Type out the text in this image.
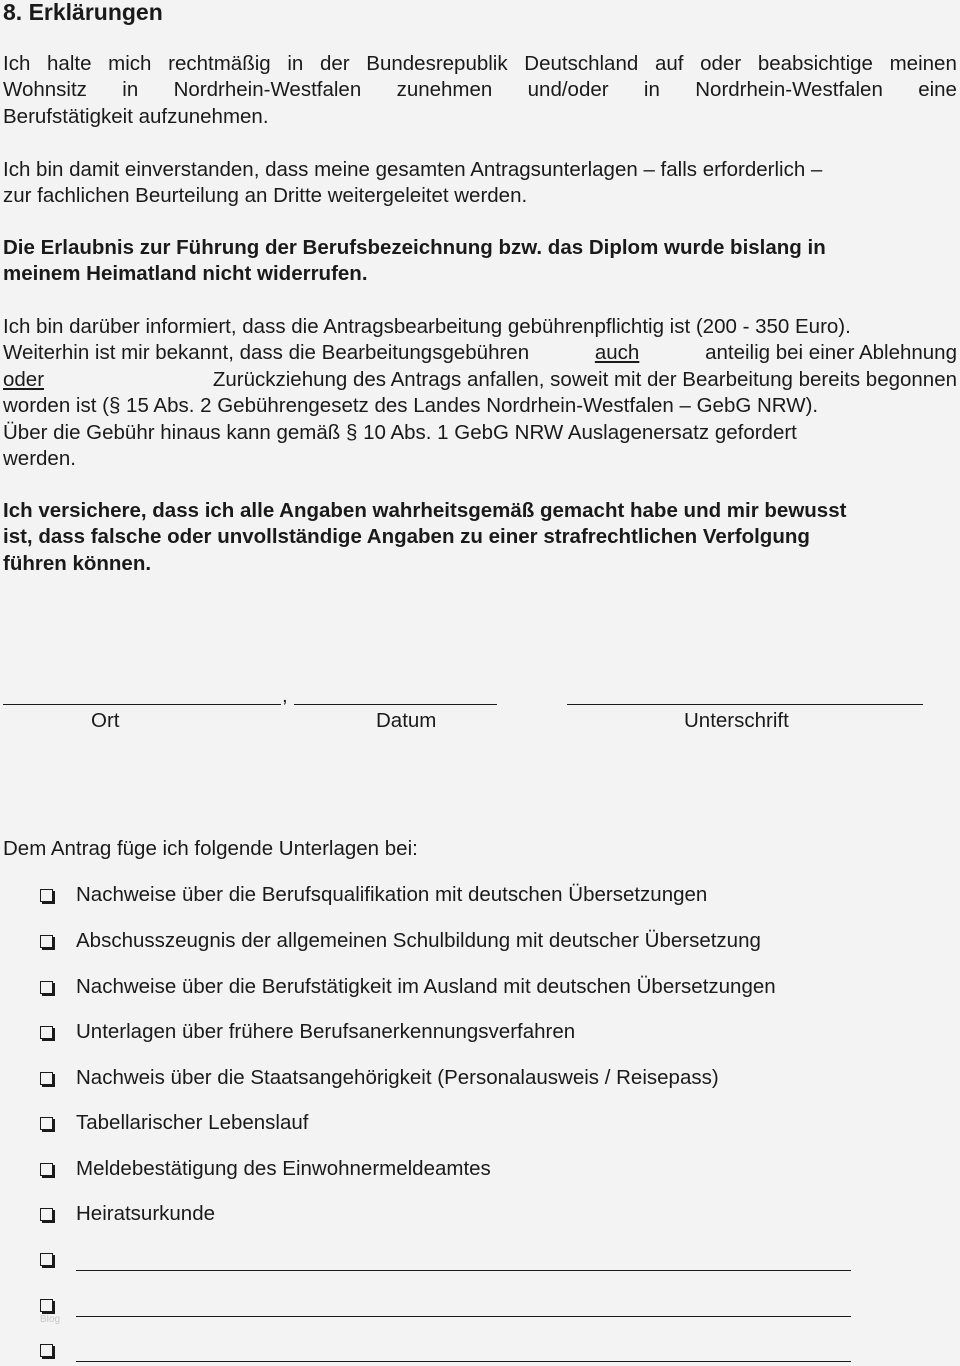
8. Erklärungen
Ich halte mich rechtmäßig in der Bundesrepublik Deutschland auf oder beabsichtige meinen
Wohnsitz in Nordrhein-Westfalen zunehmen und/oder in Nordrhein-Westfalen eine
Berufstätigkeit aufzunehmen.
Ich bin damit einverstanden, dass meine gesamten Antragsunterlagen – falls erforderlich –
zur fachlichen Beurteilung an Dritte weitergeleitet werden.
Die Erlaubnis zur Führung der Berufsbezeichnung bzw. das Diplom wurde bislang in
meinem Heimatland nicht widerrufen.
Ich bin darüber informiert, dass die Antragsbearbeitung gebührenpflichtig ist (200 - 350 Euro).
Weiterhin ist mir bekannt, dass die Bearbeitungsgebühren	auch	anteilig bei einer Ablehnung
oder	Zurückziehung des Antrags anfallen, soweit mit der Bearbeitung bereits begonnen
worden ist (§ 15 Abs. 2 Gebührengesetz des Landes Nordrhein-Westfalen – GebG NRW).
Über die Gebühr hinaus kann gemäß § 10 Abs. 1 GebG NRW Auslagenersatz gefordert
werden.
Ich versichere, dass ich alle Angaben wahrheitsgemäß gemacht habe und mir bewusst
ist, dass falsche oder unvollständige Angaben zu einer strafrechtlichen Verfolgung
führen können.
,
Ort	Datum	Unterschrift
Dem Antrag füge ich folgende Unterlagen bei:
Nachweise über die Berufsqualifikation mit deutschen Übersetzungen
Abschusszeugnis der allgemeinen Schulbildung mit deutscher Übersetzung
Nachweise über die Berufstätigkeit im Ausland mit deutschen Übersetzungen
Unterlagen über frühere Berufsanerkennungsverfahren
Nachweis über die Staatsangehörigkeit (Personalausweis / Reisepass)
Tabellarischer Lebenslauf
Meldebestätigung des Einwohnermeldeamtes
Heiratsurkunde
Blog
